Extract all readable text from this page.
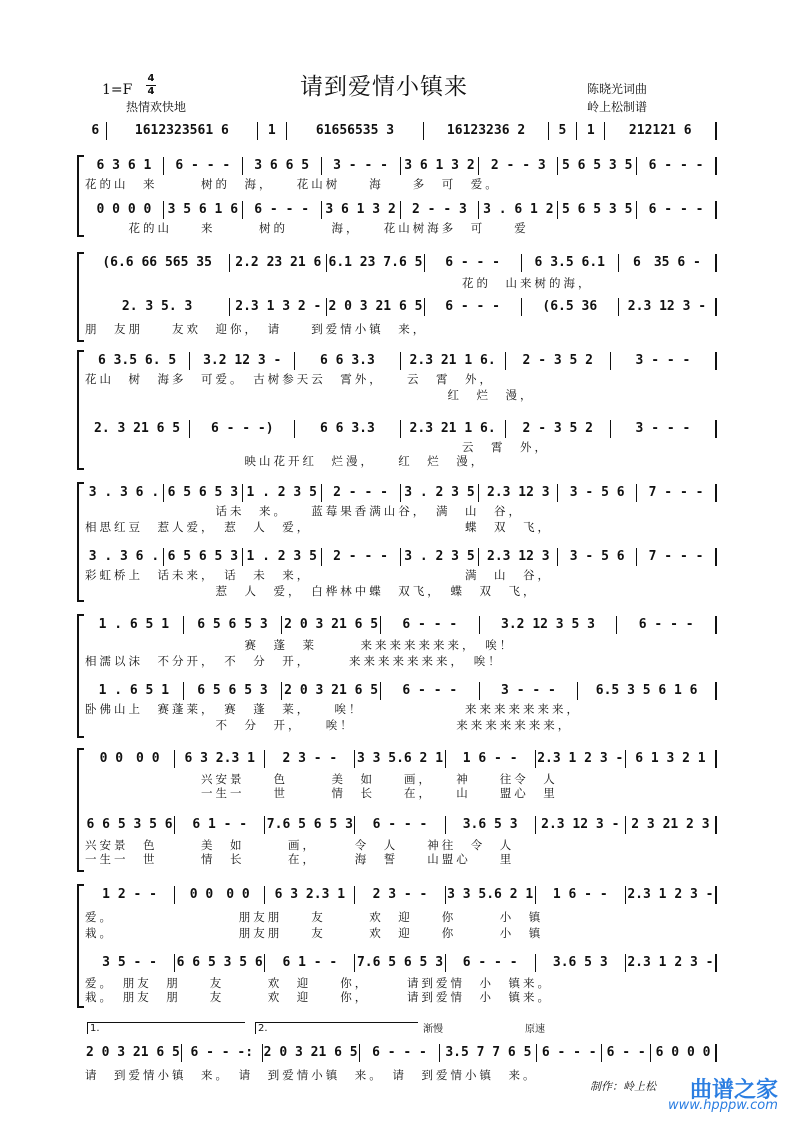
请到爱情小镇来
1=F
4
4
热情欢快地
陈晓光词曲
岭上松制谱
6	1612323561 6	1	61656535 3	16123236 2	5	1	212121 6
6 3 6 1	6 - - -	3 6 6 5	3 - - -	3 6 1 3 2	2 - - 3	5 6 5 3 5	6 - - -
花的山　来　　　树的　海，　　花山树　　海　　多　可　爱。
0 0 0 0	3 5 6 1 6	6 - - -	3 6 1 3 2	2 - - 3	3 . 6 1 2 5 6 5 3 5	6 - - -
　　　花的山　　来　　　树的　　　海，　　花山树海多　可　　爱
(6.6 66 565 35	2.2 23 21 6 6.1 23 7.6 5	6 - - -	6 3.5 6.1	6　35 6 -
　　　　　　　　　　　　　　　　　　　　　　　　　　花的　山来树的海，
2. 3 5. 3	2.3 1 3 2 - 2 0 3 21 6 5	6 - - -	(6.5 36	2.3 12 3 -
朋　友朋　　友欢　迎你，　请　　到爱情小镇　来，
6 3.5 6. 5	3.2 12 3 -	6 6 3.3	2.3 21 1 6.	2 - 3 5 2	3 - - -
花山　树　海多　可爱。　古树参天云　霄外，　　云　霄　外，
　　　　　　　　　　　　　　　　　　　　　　　　　红　烂　漫，
2. 3 21 6 5	6 - - -)	6 6 3.3	2.3 21 1 6.	2 - 3 5 2	3 - - -
　　　　　　　　　　　　　　　　　　　　　　　　　　云　霄　外，
　　　　　　　　　　　映山花开红　烂漫，　　红　烂　漫，
3 . 3 6 . 6 5 6 5 3 1 . 2 3 5	2 - - -	3 . 2 3 5 2.3 12 3	3 - 5 6	7 - - -
　　　　　　　　　话未　来。　　蓝莓果香满山谷，　满　山　谷，
相思红豆　惹人爱，　惹　人　爱，　　　　　　　　　　　蝶　双　飞，
3 . 3 6 . 6 5 6 5 3 1 . 2 3 5	2 - - -	3 . 2 3 5 2.3 12 3	3 - 5 6	7 - - -
彩虹桥上　话未来，　话　未　来，　　　　　　　　　　　满　山　谷，
　　　　　　　　　惹　人　爱，　白桦林中蝶　双飞，　蝶　双　飞，
1 . 6 5 1	6 5 6 5 3	2 0 3 21 6 5	6 - - -	3.2 12 3 5 3	6 - - -
　　　　　　　　　　　赛　蓬　莱　　　来来来来来来来，　唉！
相濡以沫　不分开，　不　分　开，　　　来来来来来来来，　唉！
1 . 6 5 1	6 5 6 5 3	2 0 3 21 6 5	6 - - -	3 - - -	6.5 3 5 6 1 6
卧佛山上　赛蓬莱，　赛　蓬　莱，　　唉！　　　　　　　来来来来来来来，
　　　　　　　　　不　分　开，　　唉！　　　　　　　来来来来来来来，
0 0　0 0	6 3 2.3 1	2 3 - -	3 3 5.6 2 1	1 6 - -	2.3 1 2 3 - 6 1 3 2 1
　　　　　　　　兴安景　　色　　　美　如　　画，　　神　　往令　人
　　　　　　　　一生一　　世　　　情　长　　在，　　山　　盟心　里
6 6 5 3 5 6	6 1 - -	7.6 5 6 5 3	6 - - -	3.6 5 3	2.3 12 3 - 2 3 21 2 3
兴安景　色　　　美　如　　　画，　　　令　人　　神往　令　人
一生一　世　　　情　长　　　在，　　　海　誓　　山盟心　　里
1 2 - -	0 0　0 0	6 3 2.3 1	2 3 - -	3 3 5.6 2 1	1 6 - -	2.3 1 2 3 -
爱。　　　　　　　　　朋友朋　　友　　　欢　迎　　你　　　小　镇
栽。　　　　　　　　　朋友朋　　友　　　欢　迎　　你　　　小　镇
3 5 - -	6 6 5 3 5 6	6 1 - -	7.6 5 6 5 3	6 - - -	3.6 5 3	2.3 1 2 3 -
爱。　朋友　朋　　友　　　欢　迎　　你，　　　请到爱情　小　镇来。
栽。　朋友　朋　　友　　　欢　迎　　你，　　　请到爱情　小　镇来。
1.	2.	渐慢	原速
2 0 3 21 6 5 6 - - -: 2 0 3 21 6 5	6 - - -	3.5 7 7 6 5 6 - - - 6 - - 6 0 0 0
请　到爱情小镇　来。　请　到爱情小镇　来。　请　到爱情小镇　来。
制作：岭上松 曲谱之家
www.hpppw.com
